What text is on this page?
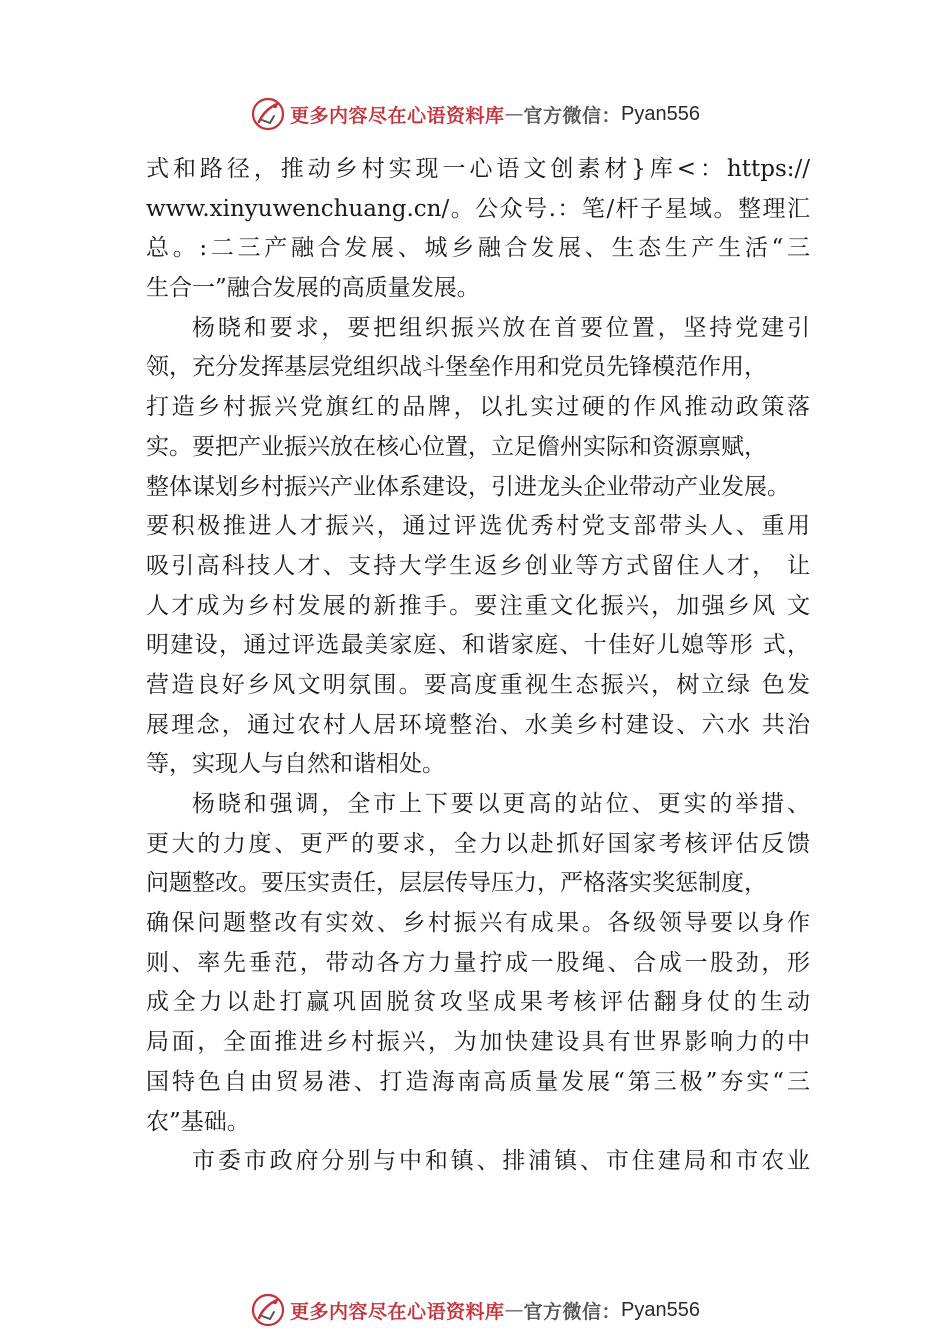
更多内容尽在心语资料库 — 官方微信： Pyan556
式和路径，推动乡村实现一心语文创素材}库<：https://
www.xinyuwenchuang.cn/。公众号.：笔/杆子星域。整理汇
总。:二三产融合发展、城乡融合发展、生态生产生活“三
生合一”融合发展的高质量发展。
杨晓和要求，要把组织振兴放在首要位置，坚持党建引
领，充分发挥基层党组织战斗堡垒作用和党员先锋模范作用，
打造乡村振兴党旗红的品牌，以扎实过硬的作风推动政策落
实。要把产业振兴放在核心位置，立足儋州实际和资源禀赋，
整体谋划乡村振兴产业体系建设，引进龙头企业带动产业发展。
要积极推进人才振兴，通过评选优秀村党支部带头人、重用
吸引高科技人才、支持大学生返乡创业等方式留住人才， 让
人才成为乡村发展的新推手。要注重文化振兴，加强乡风 文
明建设，通过评选最美家庭、和谐家庭、十佳好儿媳等形 式，
营造良好乡风文明氛围。要高度重视生态振兴，树立绿 色发
展理念，通过农村人居环境整治、水美乡村建设、六水 共治
等，实现人与自然和谐相处。
杨晓和强调，全市上下要以更高的站位、更实的举措、
更大的力度、更严的要求，全力以赴抓好国家考核评估反馈
问题整改。要压实责任，层层传导压力，严格落实奖惩制度，
确保问题整改有实效、乡村振兴有成果。各级领导要以身作
则、率先垂范，带动各方力量拧成一股绳、合成一股劲，形
成全力以赴打赢巩固脱贫攻坚成果考核评估翻身仗的生动
局面，全面推进乡村振兴，为加快建设具有世界影响力的中
国特色自由贸易港、打造海南高质量发展“第三极”夯实“三
农”基础。
市委市政府分别与中和镇、排浦镇、市住建局和市农业
更多内容尽在心语资料库 — 官方微信： Pyan556
